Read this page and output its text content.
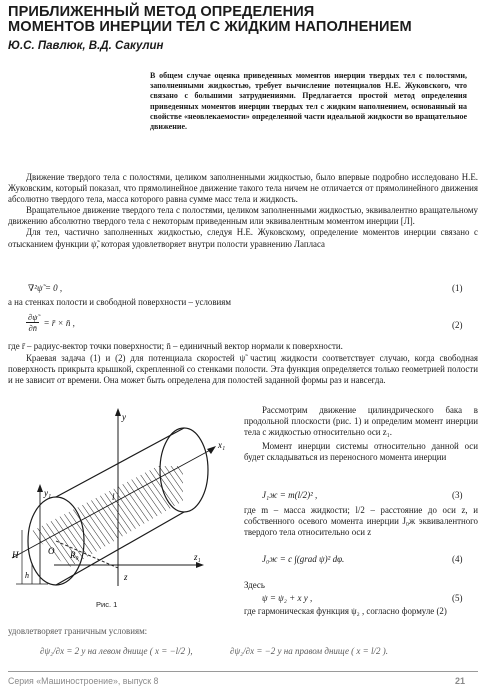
ПРИБЛИЖЕННЫЙ МЕТОД ОПРЕДЕЛЕНИЯ
МОМЕНТОВ ИНЕРЦИИ ТЕЛ С ЖИДКИМ НАПОЛНЕНИЕМ
Ю.С. Павлюк, В.Д. Сакулин
В общем случае оценка приведенных моментов инерции твердых тел с полостями, заполненными жидкостью, требует вычисление потенциалов Н.Е. Жуковского, что связано с большими затруднениями. Предлагается простой метод определения приведенных моментов инерции твердых тел с жидким наполнением, основанный на свойстве «неовлекаемости» определенной части идеальной жидкости во вращательное движение.

Движение твердого тела с полостями, целиком заполненными жидкостью, было впервые подробно исследовано Н.Е. Жуковским, который показал, что прямолинейное движение такого тела ничем не отличается от прямолинейного движения абсолютно твердого тела, масса которого равна сумме масс тела и жидкость.

Вращательное движение твердого тела с полостями, целиком заполненными жидкостью, эквивалентно вращательному движению абсолютно твердого тела с некоторым приведенным или эквивалентным моментом инерции [Л].

Для тел, частично заполненных жидкостью, следуя Н.Е. Жуковскому, определение моментов инерции связано с отысканием функции ψ̃, которая удовлетворяет внутри полости уравнению Лапласа

∇²ψ̃ = 0 ,	(1)
а на стенках полости и свободной поверхности – условиям
$\frac{\partial\psĩ}{\partial n̄}$ = r̄ × n̄ ,	(2)
где r̄ – радиус-вектор точки поверхности; n̄ – единичный вектор нормали к поверхности.

Краевая задача (1) и (2) для потенциала скоростей ψ̃ частиц жидкости соответствует случаю, когда свободная поверхность прикрыта крышкой, скрепленной со стенками полости. Эта функция определяется только геометрией полости и не зависит от времени. Она может быть определена для полостей заданной формы раз и навсегда.

y
x₁
y₁	l
H
h
O R₀
z
z₁
Рис. 1

Рассмотрим движение цилиндрического бака в продольной плоскости (рис. 1) и определим момент инерции тела с жидкостью относительно оси z₁.

Момент инерции системы относительно данной оси будет складываться из переносного момента инерции

J₁ж = m(l/2)² ,	(3)
где m – масса жидкости; l/2 – расстояние до оси z, и собственного осевого момента инерции J₀ж эквивалентного твердого тела относительно оси z
J₀ж = c ∫(grad ψ)² dφ.	(4)
Здесь
ψ = ψ₂ + x y ,	(5)
где гармоническая функция ψ₂ , согласно формуле (2)
удовлетворяет граничным условиям:
∂ψ₂/∂x = 2 y на левом днище ( x = −l/2 ),	∂ψ₂/∂x = −2 y на правом днище ( x = l/2 ).
Серия «Машиностроение», выпуск 8	21
